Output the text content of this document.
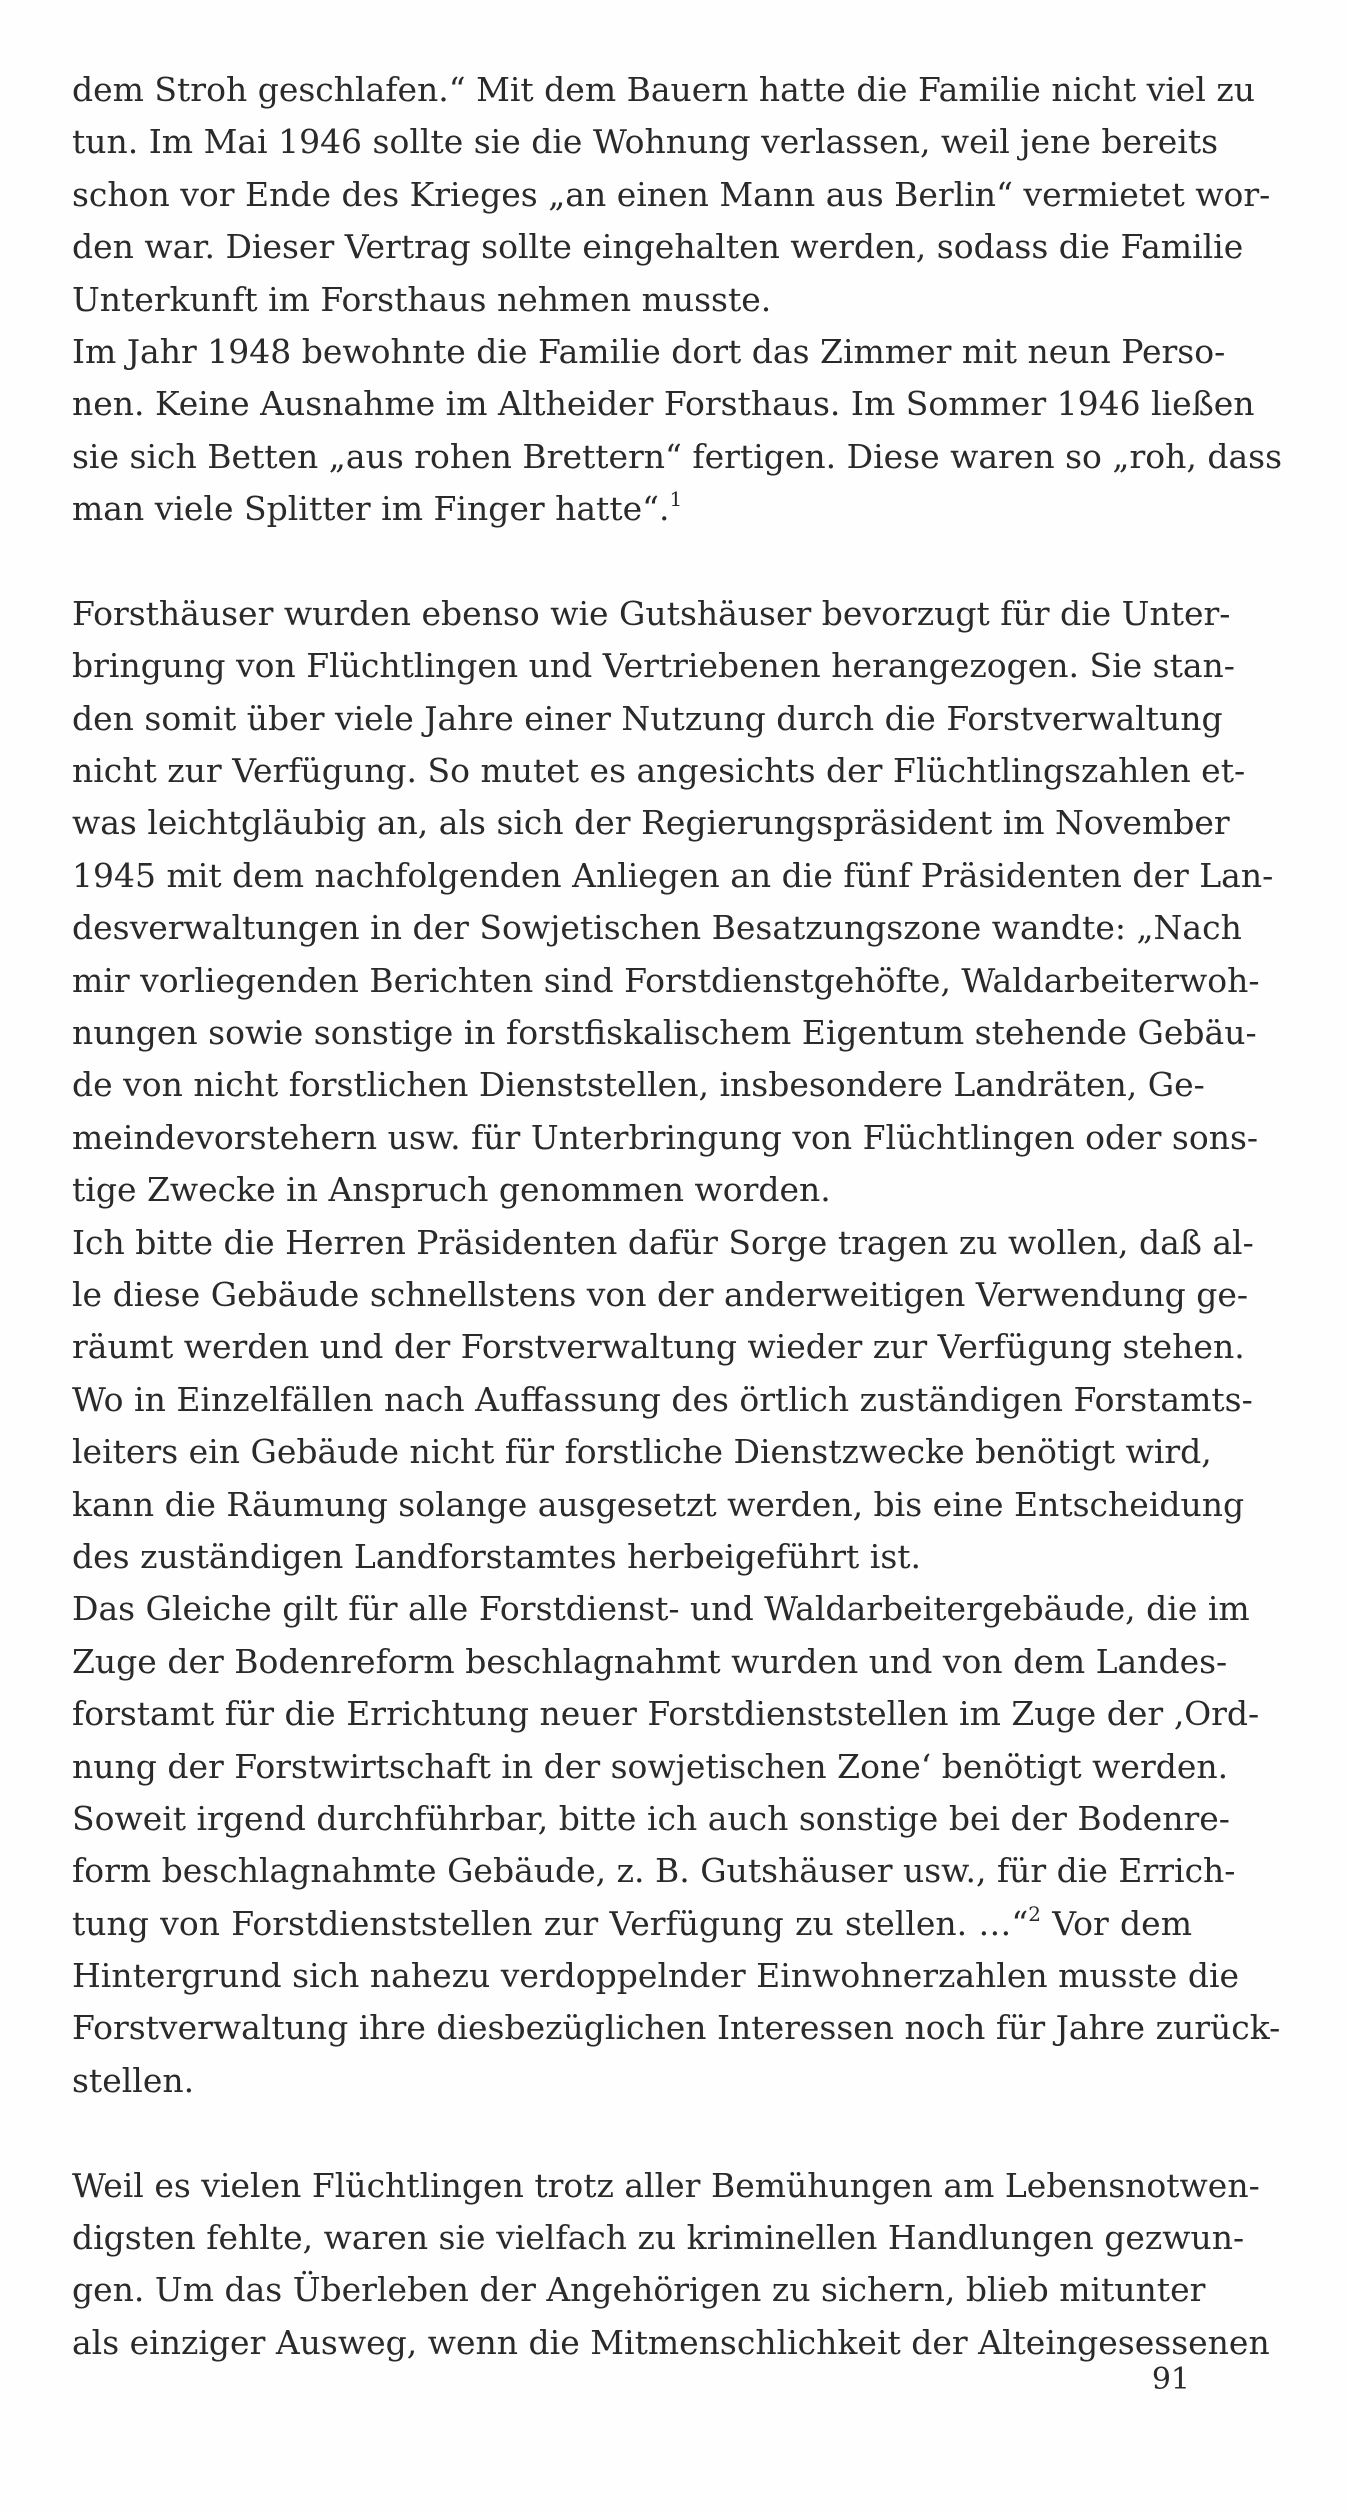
dem Stroh geschlafen.“ Mit dem Bauern hatte die Familie nicht viel zu
tun. Im Mai 1946 sollte sie die Wohnung verlassen, weil jene bereits
schon vor Ende des Krieges „an einen Mann aus Berlin“ vermietet wor-
den war. Dieser Vertrag sollte eingehalten werden, sodass die Familie
Unterkunft im Forsthaus nehmen musste.
Im Jahr 1948 bewohnte die Familie dort das Zimmer mit neun Perso-
nen. Keine Ausnahme im Altheider Forsthaus. Im Sommer 1946 ließen
sie sich Betten „aus rohen Brettern“ fertigen. Diese waren so „roh, dass
man viele Splitter im Finger hatte“.$^1$
Forsthäuser wurden ebenso wie Gutshäuser bevorzugt für die Unter-
bringung von Flüchtlingen und Vertriebenen herangezogen. Sie stan-
den somit über viele Jahre einer Nutzung durch die Forstverwaltung
nicht zur Verfügung. So mutet es angesichts der Flüchtlingszahlen et-
was leichtgläubig an, als sich der Regierungspräsident im November
1945 mit dem nachfolgenden Anliegen an die fünf Präsidenten der Lan-
desverwaltungen in der Sowjetischen Besatzungszone wandte: „Nach
mir vorliegenden Berichten sind Forstdienstgehöfte, Waldarbeiterwoh-
nungen sowie sonstige in forstfiskalischem Eigentum stehende Gebäu-
de von nicht forstlichen Dienststellen, insbesondere Landräten, Ge-
meindevorstehern usw. für Unterbringung von Flüchtlingen oder sons-
tige Zwecke in Anspruch genommen worden.
Ich bitte die Herren Präsidenten dafür Sorge tragen zu wollen, daß al-
le diese Gebäude schnellstens von der anderweitigen Verwendung ge-
räumt werden und der Forstverwaltung wieder zur Verfügung stehen.
Wo in Einzelfällen nach Auffassung des örtlich zuständigen Forstamts-
leiters ein Gebäude nicht für forstliche Dienstzwecke benötigt wird,
kann die Räumung solange ausgesetzt werden, bis eine Entscheidung
des zuständigen Landforstamtes herbeigeführt ist.
Das Gleiche gilt für alle Forstdienst- und Waldarbeitergebäude, die im
Zuge der Bodenreform beschlagnahmt wurden und von dem Landes-
forstamt für die Errichtung neuer Forstdienststellen im Zuge der ‚Ord-
nung der Forstwirtschaft in der sowjetischen Zone‘ benötigt werden.
Soweit irgend durchführbar, bitte ich auch sonstige bei der Bodenre-
form beschlagnahmte Gebäude, z. B. Gutshäuser usw., für die Errich-
tung von Forstdienststellen zur Verfügung zu stellen. …“$^2$ Vor dem
Hintergrund sich nahezu verdoppelnder Einwohnerzahlen musste die
Forstverwaltung ihre diesbezüglichen Interessen noch für Jahre zurück-
stellen.
Weil es vielen Flüchtlingen trotz aller Bemühungen am Lebensnotwen-
digsten fehlte, waren sie vielfach zu kriminellen Handlungen gezwun-
gen. Um das Überleben der Angehörigen zu sichern, blieb mitunter
als einziger Ausweg, wenn die Mitmenschlichkeit der Alteingesessenen
91
